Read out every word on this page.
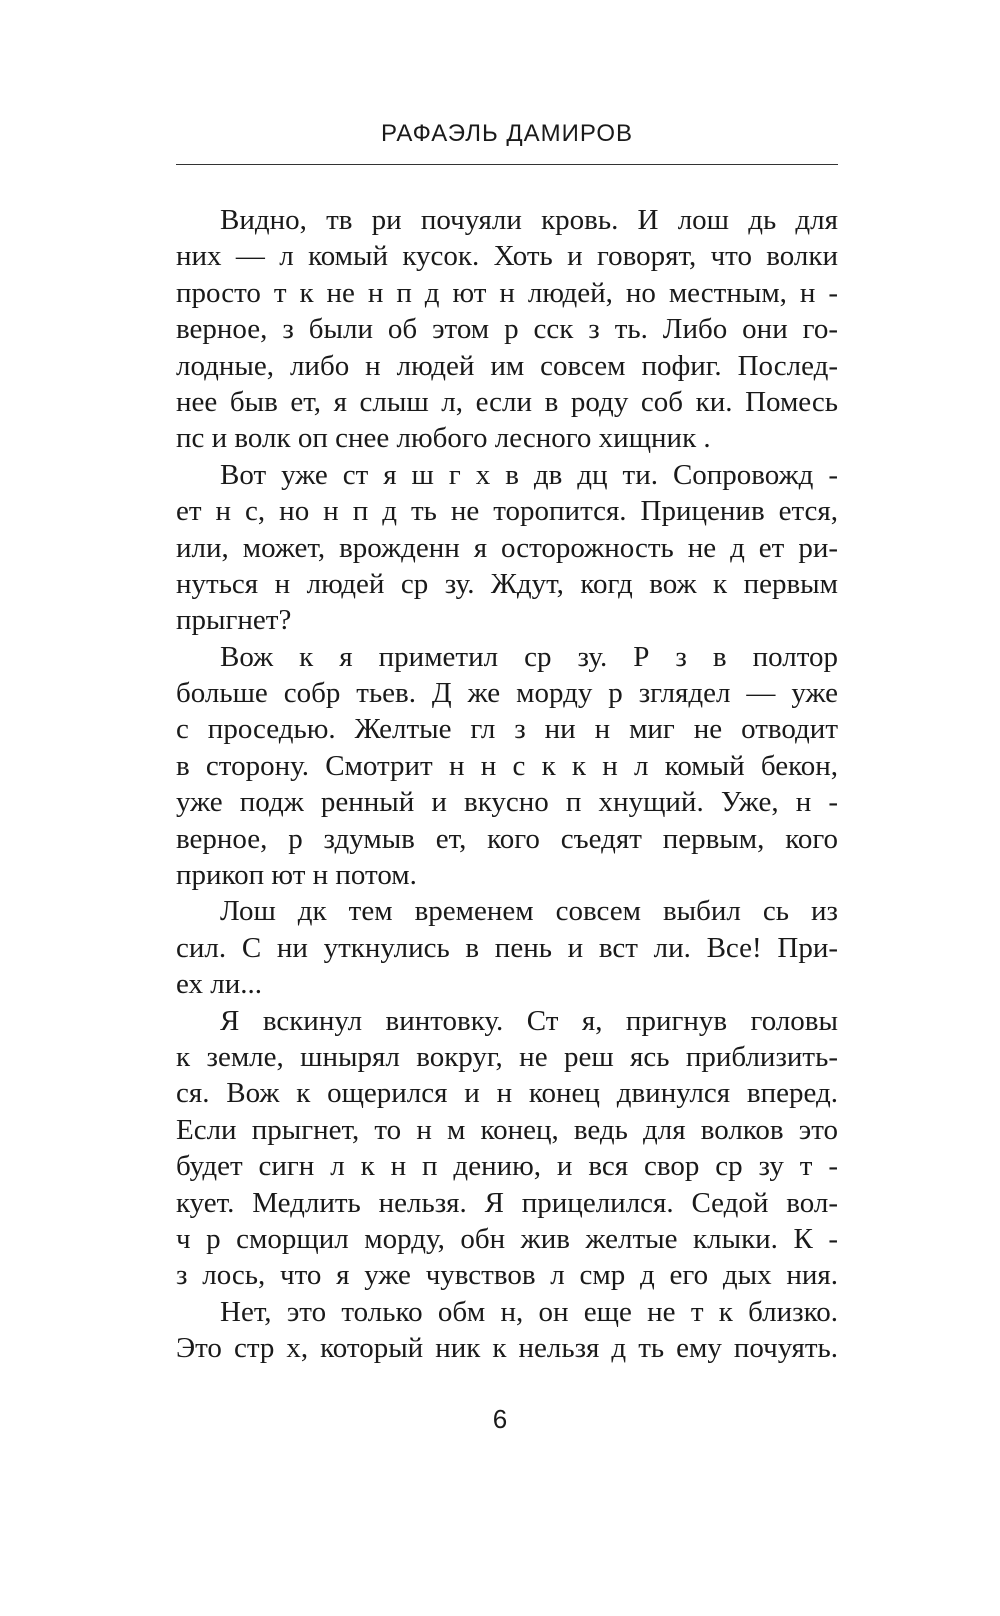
РАФАЭЛЬ ДАМИРОВ
Видно, тв ри почуяли кровь. И лош дь для
них — л комый кусок. Хоть и говорят, что волки
просто т к не н п д ют н людей, но местным, н -
верное, з были об этом р сск з ть. Либо они го-
лодные, либо н людей им совсем пофиг. Послед-
нее быв ет, я слыш л, если в роду соб ки. Помесь
пс и волк оп снее любого лесного хищник .
Вот уже ст я ш г х в дв дц ти. Сопровожд -
ет н с, но н п д ть не торопится. Приценив ется,
или, может, врожденн я осторожность не д ет ри-
нуться н людей ср зу. Ждут, когд вож к первым
прыгнет?
Вож к я приметил ср зу. Р з в полтор
больше собр тьев. Д же морду р зглядел — уже
с проседью. Желтые гл з ни н миг не отводит
в сторону. Смотрит н н с к к н л комый бекон,
уже подж ренный и вкусно п хнущий. Уже, н -
верное, р здумыв ет, кого съедят первым, кого
прикоп ют н потом.
Лош дк тем временем совсем выбил сь из
сил. С ни уткнулись в пень и вст ли. Все! При-
ех ли...
Я вскинул винтовку. Ст я, пригнув головы
к земле, шнырял вокруг, не реш ясь приблизить-
ся. Вож к ощерился и н конец двинулся вперед.
Если прыгнет, то н м конец, ведь для волков это
будет сигн л к н п дению, и вся свор ср зу т -
кует. Медлить нельзя. Я прицелился. Седой вол-
ч р сморщил морду, обн жив желтые клыки. К -
з лось, что я уже чувствов л смр д его дых ния.
Нет, это только обм н, он еще не т к близко.
Это стр х, который ник к нельзя д ть ему почуять.
6
